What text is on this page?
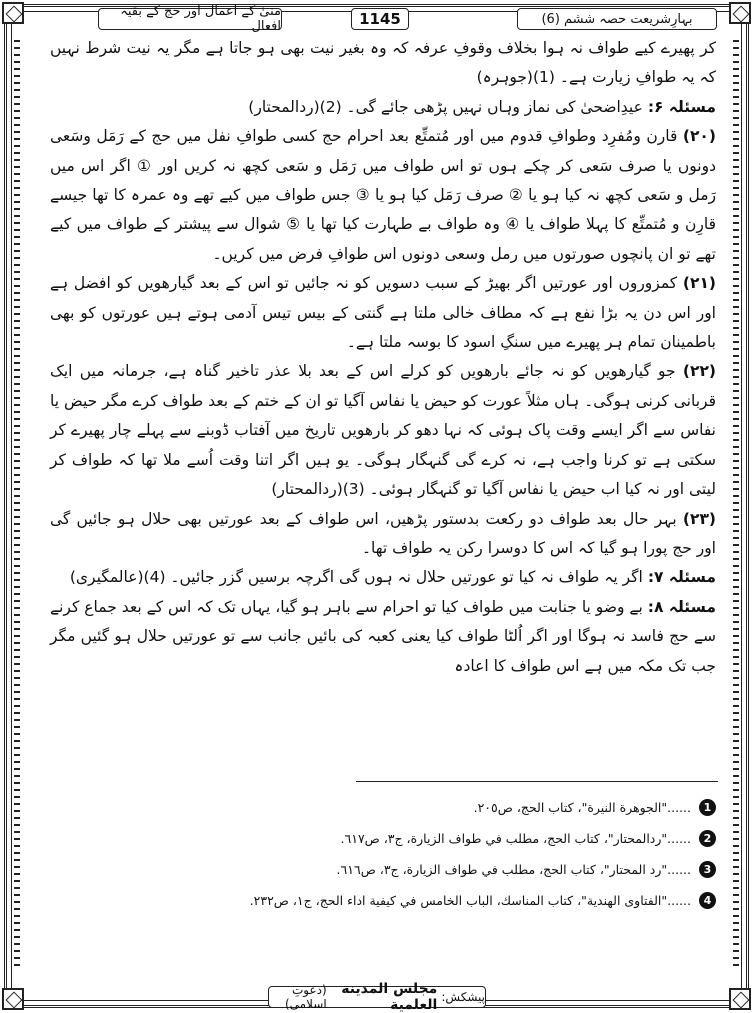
بہارِشریعت حصہ ششم (6)
1145
منیٰ کے اعمال اور حج کے بقیہ افعال

کر پھیرے کیے طواف نہ ہوا بخلاف وقوفِ عرفہ کہ وہ بغیر نیت بھی ہو جاتا ہے مگر یہ نیت شرط نہیں کہ یہ طوافِ زیارت ہے۔ (1)(جوہرہ)

مسئلہ ۶: عیدِاضحیٰ کی نماز وہاں نہیں پڑھی جائے گی۔ (2)(ردالمحتار)

(۲۰) قارن ومُفرِد وطوافِ قدوم میں اور مُتمتِّع بعد احرام حج کسی طوافِ نفل میں حج کے رَمَل وسَعی دونوں یا صرف سَعی کر چکے ہوں تو اس طواف میں رَمَل و سَعی کچھ نہ کریں اور ① اگر اس میں رَمل و سَعی کچھ نہ کیا ہو یا ② صرف رَمَل کیا ہو یا ③ جس طواف میں کیے تھے وہ عمرہ کا تھا جیسے قارِن و مُتمتِّع کا پہلا طواف یا ④ وہ طواف بے طہارت کیا تھا یا ⑤ شوال سے پیشتر کے طواف میں کیے تھے تو ان پانچوں صورتوں میں رمل وسعی دونوں اس طوافِ فرض میں کریں۔

(۲۱) کمزوروں اور عورتیں اگر بھیڑ کے سبب دسویں کو نہ جائیں تو اس کے بعد گیارھویں کو افضل ہے اور اس دن یہ بڑا نفع ہے کہ مطاف خالی ملتا ہے گنتی کے بیس تیس آدمی ہوتے ہیں عورتوں کو بھی باطمینان تمام ہر پھیرے میں سنگِ اسود کا بوسہ ملتا ہے۔

(۲۲) جو گیارھویں کو نہ جائے بارھویں کو کرلے اس کے بعد بلا عذر تاخیر گناہ ہے، جرمانہ میں ایک قربانی کرنی ہوگی۔ ہاں مثلاً عورت کو حیض یا نفاس آگیا تو ان کے ختم کے بعد طواف کرے مگر حیض یا نفاس سے اگر ایسے وقت پاک ہوئی کہ نہا دھو کر بارھویں تاریخ میں آفتاب ڈوبنے سے پہلے چار پھیرے کر سکتی ہے تو کرنا واجب ہے، نہ کرے گی گنہگار ہوگی۔ یو ہیں اگر اتنا وقت اُسے ملا تھا کہ طواف کر لیتی اور نہ کیا اب حیض یا نفاس آگیا تو گنہگار ہوئی۔ (3)(ردالمحتار)

(۲۳) بہر حال بعد طواف دو رکعت بدستور پڑھیں، اس طواف کے بعد عورتیں بھی حلال ہو جائیں گی اور حج پورا ہو گیا کہ اس کا دوسرا رکن یہ طواف تھا۔

مسئلہ ۷: اگر یہ طواف نہ کیا تو عورتیں حلال نہ ہوں گی اگرچہ برسیں گزر جائیں۔ (4)(عالمگیری)

مسئلہ ۸: بے وضو یا جنابت میں طواف کیا تو احرام سے باہر ہو گیا، یہاں تک کہ اس کے بعد جماع کرنے سے حج فاسد نہ ہوگا اور اگر اُلٹا طواف کیا یعنی کعبہ کی بائیں جانب سے تو عورتیں حلال ہو گئیں مگر جب تک مکہ میں ہے اس طواف کا اعادہ

......"الجوهرة النيرة"، كتاب الحج، ص٢٠٥.	1
......"ردالمحتار"، كتاب الحج، مطلب في طواف الزيارة، ج٣، ص٦١٧.	2
......"رد المحتار"، كتاب الحج، مطلب في طواف الزيارة، ج٣، ص٦١٦.	3
......"الفتاوى الهندية"، كتاب المناسك، الباب الخامس في كيفية اداء الحج، ج١، ص٢٣٢.	4
پیشکش:
مجلس المدينة العلمية
(دعوتِ اسلامی)
